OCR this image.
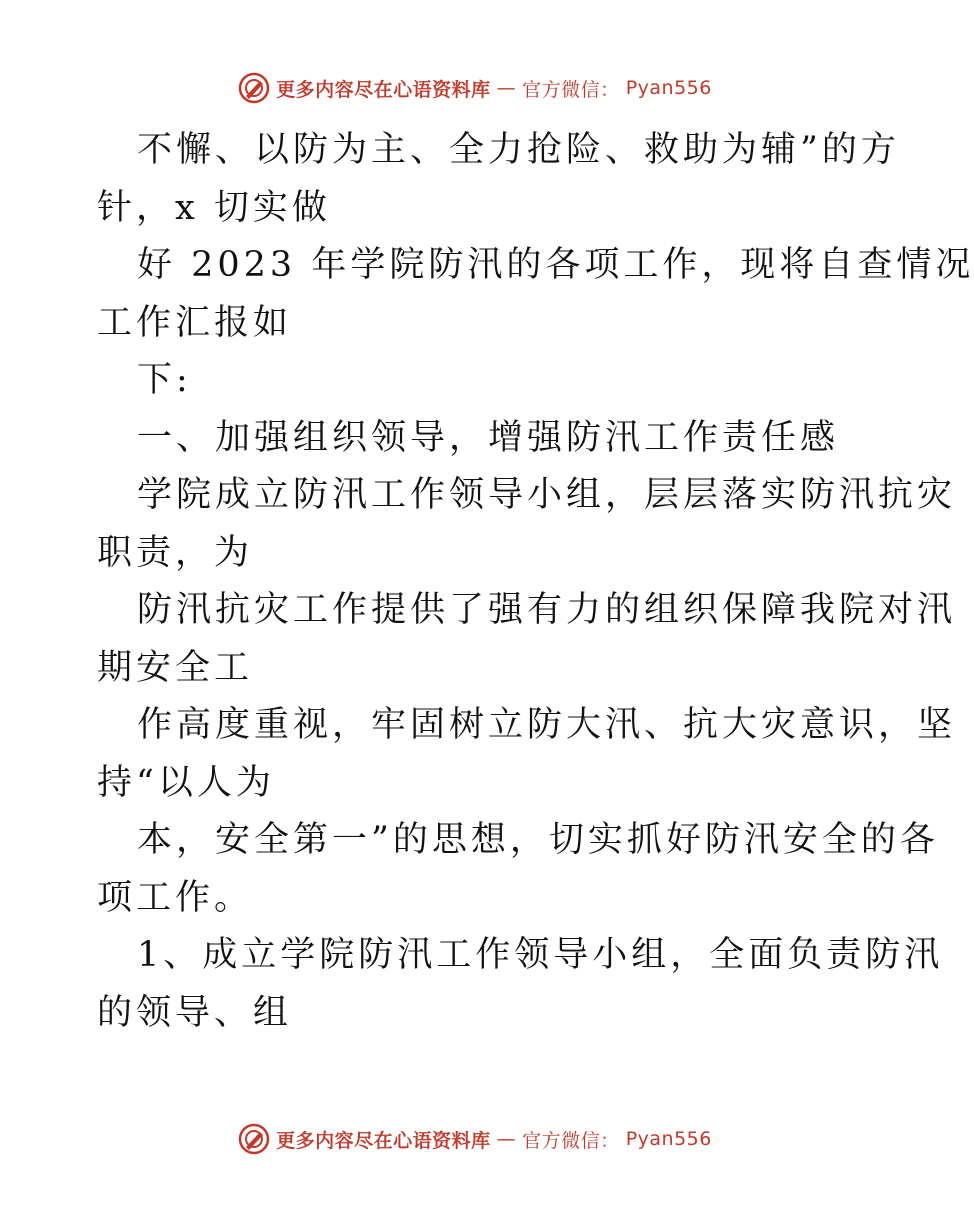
更多内容尽在心语资料库 — 官方微信： Pyan556
不懈、以防为主、全力抢险、救助为辅”的方
针，x 切实做
好 2023 年学院防汛的各项工作，现将自查情况
工作汇报如
下:
一、加强组织领导，增强防汛工作责任感
学院成立防汛工作领导小组，层层落实防汛抗灾
职责，为
防汛抗灾工作提供了强有力的组织保障我院对汛
期安全工
作高度重视，牢固树立防大汛、抗大灾意识，坚
持“以人为
本，安全第一”的思想，切实抓好防汛安全的各
项工作。
1、成立学院防汛工作领导小组，全面负责防汛
的领导、组
更多内容尽在心语资料库 — 官方微信： Pyan556
